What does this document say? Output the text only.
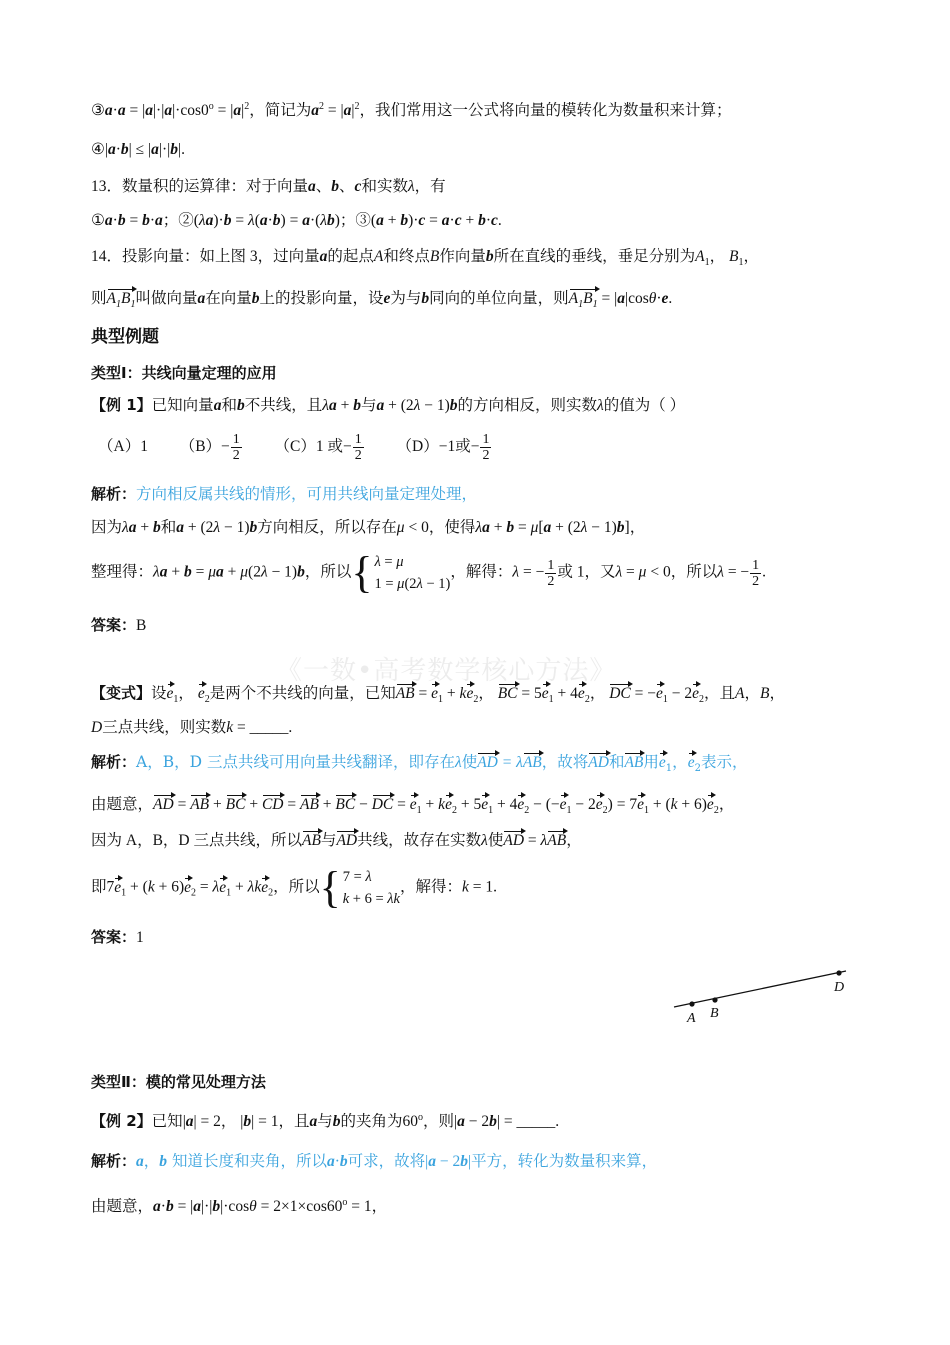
③a·a = $|a|\cdot|a|\cdot\cos 0^o = |a|^2$，简记为$a^2 = |a|^2$，我们常用这一公式将向量的模转化为数量积来计算；
④|a·b| ≤ |a|·|b|.
13．数量积的运算律：对于向量a、b、c和实数λ，有
①a·b = b·a；②(λa)·b = λ(a·b) = a·(λb)；③(a + b)·c = a·c + b·c.
14．投影向量：如上图 3，过向量a的起点A和终点B作向量b所在直线的垂线，垂足分别为$A_1$， $B_1$，
则$A_1B_1$叫做向量a在向量b上的投影向量，设e为与b同向的单位向量，则$A_1B_1 = |a|\cos\theta\cdot e$.
典型例题
类型Ⅰ：共线向量定理的应用
【例 1】已知向量a和b不共线，且λa + b与a + (2λ − 1)b的方向相反，则实数λ的值为（ ）
（A）1 $(B)- \frac{1}{2} (C)1$ 或− $\frac{1}{2} (D)-1$或− $\frac{1}{2}$
解析：方向相反属共线的情形，可用共线向量定理处理，
因为λa + b和a + (2λ − 1)b方向相反，所以存在μ < 0，使得λa + b = μ[a + (2λ − 1)b]，
整理得：λa + b = μa + μ(2λ − 1)b，所以 { λ = μ
1 = μ(2λ − 1)
，解得：λ = − $\frac{1}{2}$ 或 1，又λ = μ < 0，所以λ = − $\frac{1}{2}$ .
答案：B
《一数•高考数学核心方法》
【变式】设$e_1$， $e_2$是两个不共线的向量，已知AB = $e_1 + ke_2$， BC = $5e_1 + 4e_2$， DC = $-e_1 - 2e_2$，且A，B，
D三点共线，则实数k = _____.
解析：A，B，D 三点共线可用向量共线翻译，即存在λ使AD = λAB，故将AD和AB用$e_1$，$e_2$表示，
由题意，AD = AB + BC + CD = AB + BC − DC = $e_1 + ke_2 + 5e_1 + 4e_2 - (-e_1 - 2e_2) = 7e_1 + (k + 6)e_2$，
因为 A，B，D 三点共线，所以AB与AD共线，故存在实数λ使AD = λAB，
即$7e_1 + (k + 6)e_2 = \lambda e_1 + \lambda ke_2$，所以 { 7 = λ
k + 6 = λk
，解得：k = 1.
答案：1
A B
D
类型Ⅱ：模的常见处理方法
【例 2】已知|a| = 2， |b| = 1，且a与b的夹角为60$^o$，则|a − 2b| = _____.
解析：a，b 知道长度和夹角，所以a·b可求，故将|a − 2b|平方，转化为数量积来算，
由题意，$a\cdot b = |a|\cdot|b|\cdot\cos\theta = 2\times 1\times\cos 60^o = 1$，
